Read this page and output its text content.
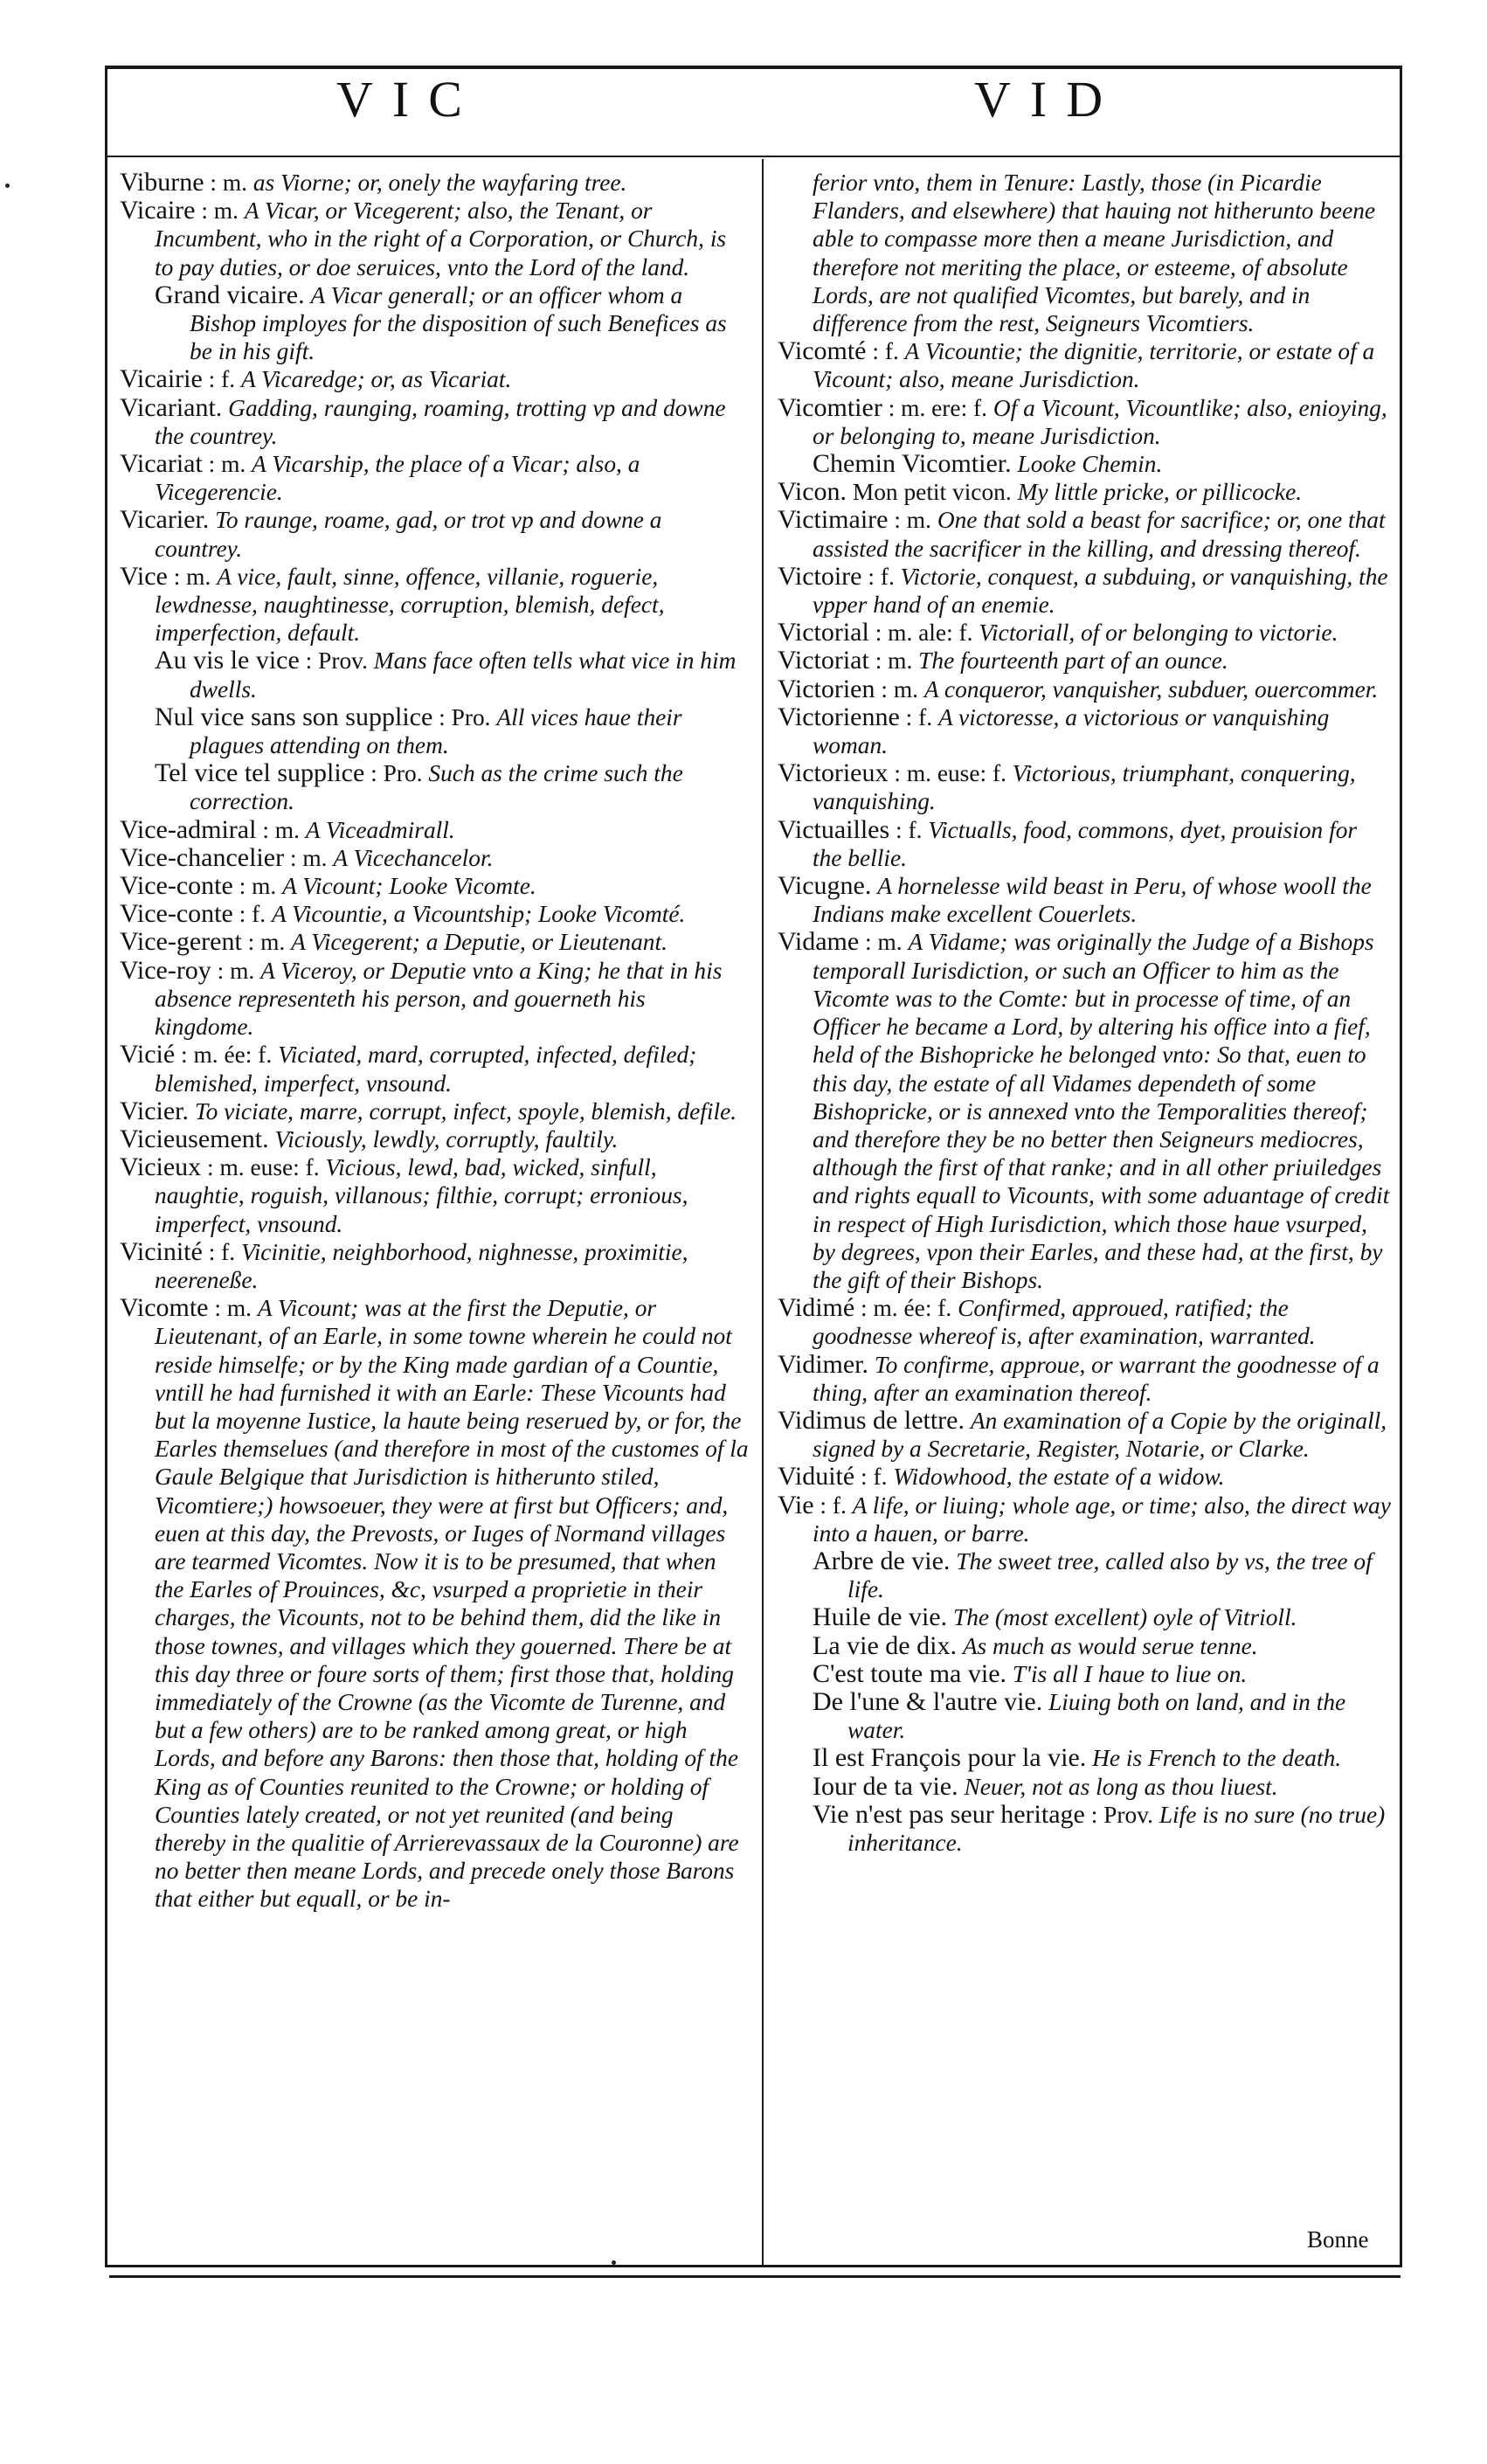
VIC	VID

Viburne : m. as Viorne; or, onely the wayfaring tree.

Vicaire : m. A Vicar, or Vicegerent; also, the Tenant, or Incumbent, who in the right of a Corporation, or Church, is to pay duties, or doe seruices, vnto the Lord of the land.

Grand vicaire. A Vicar generall; or an officer whom a Bishop imployes for the disposition of such Benefices as be in his gift.

Vicairie : f. A Vicaredge; or, as Vicariat.

Vicariant. Gadding, raunging, roaming, trotting vp and downe the countrey.

Vicariat : m. A Vicarship, the place of a Vicar; also, a Vicegerencie.

Vicarier. To raunge, roame, gad, or trot vp and downe a countrey.

Vice : m. A vice, fault, sinne, offence, villanie, roguerie, lewdnesse, naughtinesse, corruption, blemish, defect, imperfection, default.

Au vis le vice : Prov. Mans face often tells what vice in him dwells.

Nul vice sans son supplice : Pro. All vices haue their plagues attending on them.

Tel vice tel supplice : Pro. Such as the crime such the correction.

Vice-admiral : m. A Viceadmirall.

Vice-chancelier : m. A Vicechancelor.

Vice-conte : m. A Vicount; Looke Vicomte.

Vice-conte : f. A Vicountie, a Vicountship; Looke Vicomté.

Vice-gerent : m. A Vicegerent; a Deputie, or Lieutenant.

Vice-roy : m. A Viceroy, or Deputie vnto a King; he that in his absence representeth his person, and gouerneth his kingdome.

Vicié : m. ée: f. Viciated, mard, corrupted, infected, defiled; blemished, imperfect, vnsound.

Vicier. To viciate, marre, corrupt, infect, spoyle, blemish, defile.

Vicieusement. Viciously, lewdly, corruptly, faultily.

Vicieux : m. euse: f. Vicious, lewd, bad, wicked, sinfull, naughtie, roguish, villanous; filthie, corrupt; erronious, imperfect, vnsound.

Vicinité : f. Vicinitie, neighborhood, nighnesse, proximitie, neereneße.

Vicomte : m. A Vicount; was at the first the Deputie, or Lieutenant, of an Earle, in some towne wherein he could not reside himselfe; or by the King made gardian of a Countie, vntill he had furnished it with an Earle: These Vicounts had but la moyenne Iustice, la haute being reserued by, or for, the Earles themselues (and therefore in most of the customes of la Gaule Belgique that Jurisdiction is hitherunto stiled, Vicomtiere;) howsoeuer, they were at first but Officers; and, euen at this day, the Prevosts, or Iuges of Normand villages are tearmed Vicomtes. Now it is to be presumed, that when the Earles of Prouinces, &c, vsurped a proprietie in their charges, the Vicounts, not to be behind them, did the like in those townes, and villages which they gouerned. There be at this day three or foure sorts of them; first those that, holding immediately of the Crowne (as the Vicomte de Turenne, and but a few others) are to be ranked among great, or high Lords, and before any Barons: then those that, holding of the King as of Counties reunited to the Crowne; or holding of Counties lately created, or not yet reunited (and being thereby in the qualitie of Arrierevassaux de la Couronne) are no better then meane Lords, and precede onely those Barons that either but equall, or be in-

ferior vnto, them in Tenure: Lastly, those (in Picardie Flanders, and elsewhere) that hauing not hitherunto beene able to compasse more then a meane Jurisdiction, and therefore not meriting the place, or esteeme, of absolute Lords, are not qualified Vicomtes, but barely, and in difference from the rest, Seigneurs Vicomtiers.

Vicomté : f. A Vicountie; the dignitie, territorie, or estate of a Vicount; also, meane Jurisdiction.

Vicomtier : m. ere: f. Of a Vicount, Vicountlike; also, enioying, or belonging to, meane Jurisdiction.

Chemin Vicomtier. Looke Chemin.

Vicon. Mon petit vicon. My little pricke, or pillicocke.

Victimaire : m. One that sold a beast for sacrifice; or, one that assisted the sacrificer in the killing, and dressing thereof.

Victoire : f. Victorie, conquest, a subduing, or vanquishing, the vpper hand of an enemie.

Victorial : m. ale: f. Victoriall, of or belonging to victorie.

Victoriat : m. The fourteenth part of an ounce.

Victorien : m. A conqueror, vanquisher, subduer, ouercommer.

Victorienne : f. A victoresse, a victorious or vanquishing woman.

Victorieux : m. euse: f. Victorious, triumphant, conquering, vanquishing.

Victuailles : f. Victualls, food, commons, dyet, prouision for the bellie.

Vicugne. A hornelesse wild beast in Peru, of whose wooll the Indians make excellent Couerlets.

Vidame : m. A Vidame; was originally the Judge of a Bishops temporall Iurisdiction, or such an Officer to him as the Vicomte was to the Comte: but in processe of time, of an Officer he became a Lord, by altering his office into a fief, held of the Bishopricke he belonged vnto: So that, euen to this day, the estate of all Vidames dependeth of some Bishopricke, or is annexed vnto the Temporalities thereof; and therefore they be no better then Seigneurs mediocres, although the first of that ranke; and in all other priuiledges and rights equall to Vicounts, with some aduantage of credit in respect of High Iurisdiction, which those haue vsurped, by degrees, vpon their Earles, and these had, at the first, by the gift of their Bishops.

Vidimé : m. ée: f. Confirmed, approued, ratified; the goodnesse whereof is, after examination, warranted.

Vidimer. To confirme, approue, or warrant the goodnesse of a thing, after an examination thereof.

Vidimus de lettre. An examination of a Copie by the originall, signed by a Secretarie, Register, Notarie, or Clarke.

Viduité : f. Widowhood, the estate of a widow.

Vie : f. A life, or liuing; whole age, or time; also, the direct way into a hauen, or barre.

Arbre de vie. The sweet tree, called also by vs, the tree of life.

Huile de vie. The (most excellent) oyle of Vitrioll.

La vie de dix. As much as would serue tenne.

C'est toute ma vie. T'is all I haue to liue on.

De l'une & l'autre vie. Liuing both on land, and in the water.

Il est François pour la vie. He is French to the death.

Iour de ta vie. Neuer, not as long as thou liuest.

Vie n'est pas seur heritage : Prov. Life is no sure (no true) inheritance.

Bonne
